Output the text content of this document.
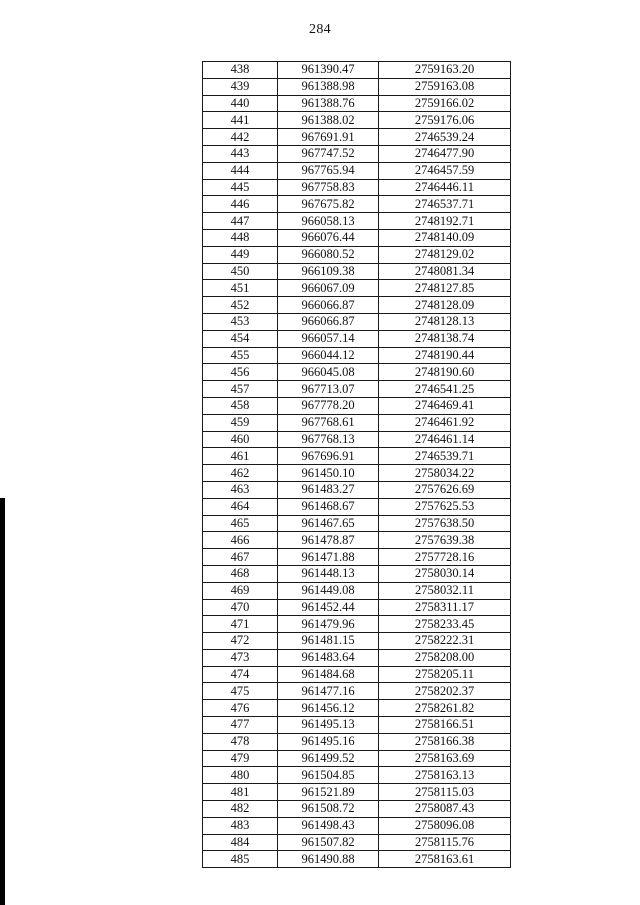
284
438	961390.47	2759163.20
439	961388.98	2759163.08
440	961388.76	2759166.02
441	961388.02	2759176.06
442	967691.91	2746539.24
443	967747.52	2746477.90
444	967765.94	2746457.59
445	967758.83	2746446.11
446	967675.82	2746537.71
447	966058.13	2748192.71
448	966076.44	2748140.09
449	966080.52	2748129.02
450	966109.38	2748081.34
451	966067.09	2748127.85
452	966066.87	2748128.09
453	966066.87	2748128.13
454	966057.14	2748138.74
455	966044.12	2748190.44
456	966045.08	2748190.60
457	967713.07	2746541.25
458	967778.20	2746469.41
459	967768.61	2746461.92
460	967768.13	2746461.14
461	967696.91	2746539.71
462	961450.10	2758034.22
463	961483.27	2757626.69
464	961468.67	2757625.53
465	961467.65	2757638.50
466	961478.87	2757639.38
467	961471.88	2757728.16
468	961448.13	2758030.14
469	961449.08	2758032.11
470	961452.44	2758311.17
471	961479.96	2758233.45
472	961481.15	2758222.31
473	961483.64	2758208.00
474	961484.68	2758205.11
475	961477.16	2758202.37
476	961456.12	2758261.82
477	961495.13	2758166.51
478	961495.16	2758166.38
479	961499.52	2758163.69
480	961504.85	2758163.13
481	961521.89	2758115.03
482	961508.72	2758087.43
483	961498.43	2758096.08
484	961507.82	2758115.76
485	961490.88	2758163.61
